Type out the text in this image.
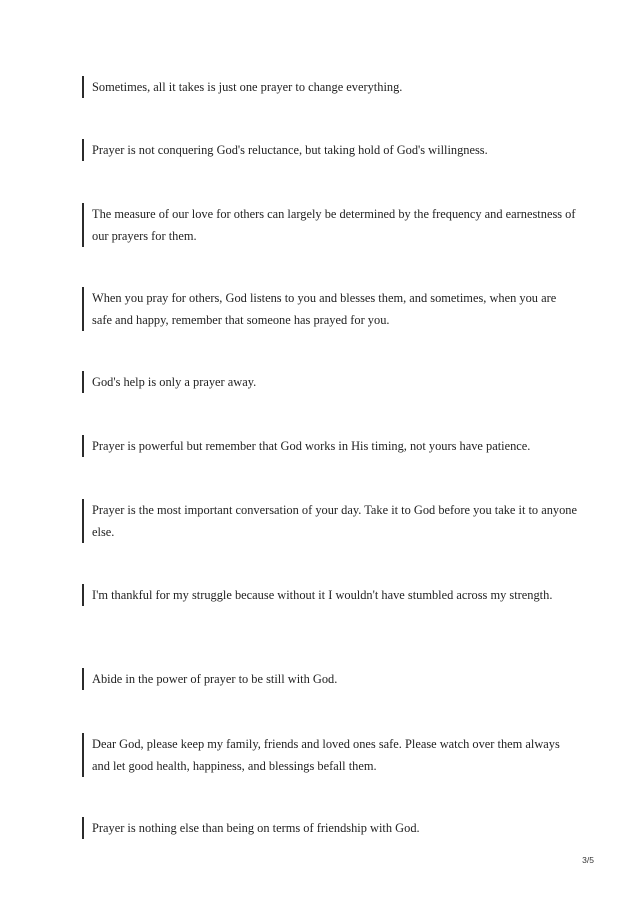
Sometimes, all it takes is just one prayer to change everything.
Prayer is not conquering God's reluctance, but taking hold of God's willingness.
The measure of our love for others can largely be determined by the frequency and earnestness of our prayers for them.
When you pray for others, God listens to you and blesses them, and sometimes, when you are safe and happy, remember that someone has prayed for you.
God's help is only a prayer away.
Prayer is powerful but remember that God works in His timing, not yours have patience.
Prayer is the most important conversation of your day. Take it to God before you take it to anyone else.
I'm thankful for my struggle because without it I wouldn't have stumbled across my strength.
Abide in the power of prayer to be still with God.
Dear God, please keep my family, friends and loved ones safe. Please watch over them always and let good health, happiness, and blessings befall them.
Prayer is nothing else than being on terms of friendship with God.
3/5
